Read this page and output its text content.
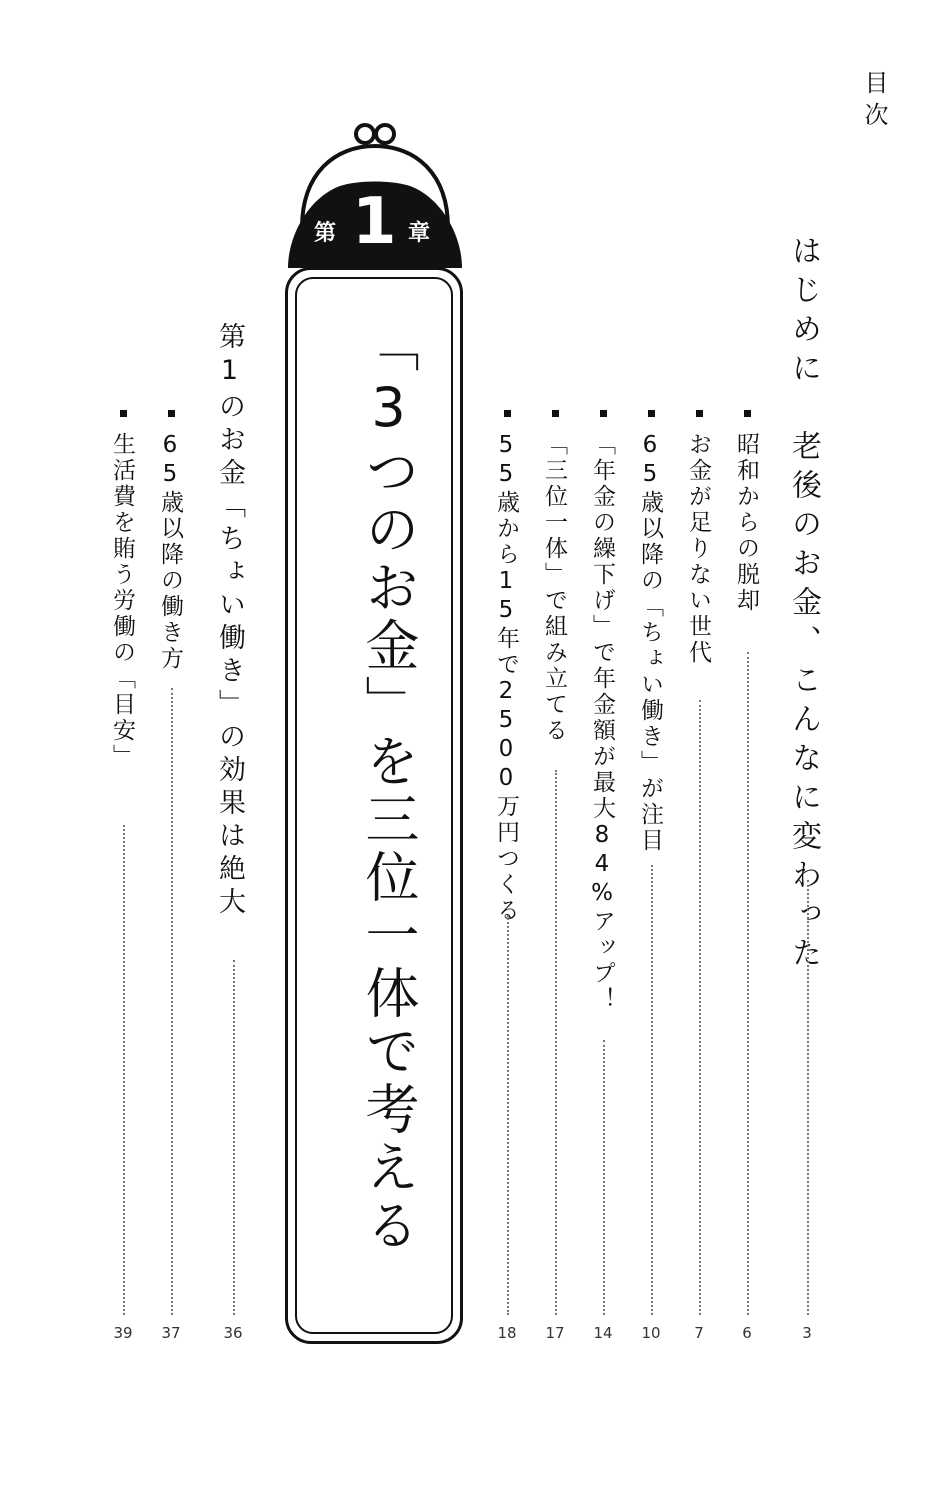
目次
はじめに　老後のお金、こんなに変わった
3
昭和からの脱却
6
お金が足りない世代
7
65歳以降の「ちょい働き」が注目
10
「年金の繰下げ」で年金額が最大84%アップ！
14
「三位一体」で組み立てる
17
55歳から15年で2500万円つくる
18
第 1 章
「3つのお金」を三位一体で考える
第1のお金「ちょい働き」の効果は絶大
36
65歳以降の働き方
37
生活費を賄う労働の「目安」
39
